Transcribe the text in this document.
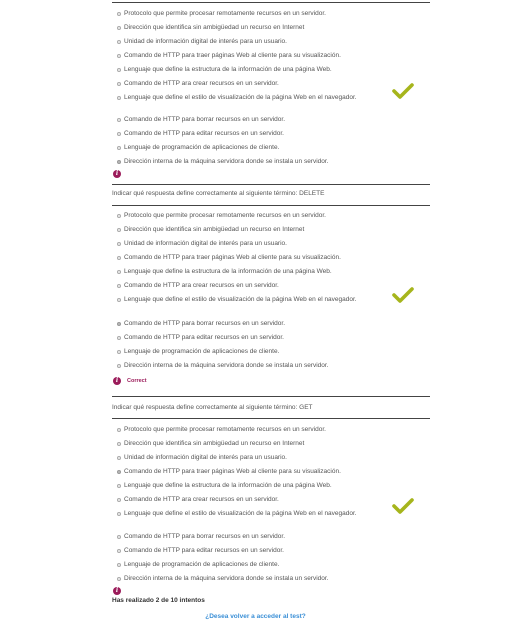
Protocolo que permite procesar remotamente recursos en un servidor.
Dirección que identifica sin ambigüedad un recurso en Internet
Unidad de información digital de interés para un usuario.
Comando de HTTP para traer páginas Web al cliente para su visualización.
Lenguaje que define la estructura de la información de una página Web.
Comando de HTTP ara crear recursos en un servidor.
Lenguaje que define el estilo de visualización de la página Web en el navegador.
Comando de HTTP para borrar recursos en un servidor.
Comando de HTTP para editar recursos en un servidor.
Lenguaje de programación de aplicaciones de cliente.
Dirección interna de la máquina servidora donde se instala un servidor.
i
Indicar qué respuesta define correctamente al siguiente término: DELETE
Protocolo que permite procesar remotamente recursos en un servidor.
Dirección que identifica sin ambigüedad un recurso en Internet
Unidad de información digital de interés para un usuario.
Comando de HTTP para traer páginas Web al cliente para su visualización.
Lenguaje que define la estructura de la información de una página Web.
Comando de HTTP ara crear recursos en un servidor.
Lenguaje que define el estilo de visualización de la página Web en el navegador.
Comando de HTTP para borrar recursos en un servidor.
Comando de HTTP para editar recursos en un servidor.
Lenguaje de programación de aplicaciones de cliente.
Dirección interna de la máquina servidora donde se instala un servidor.
i	Correct
Indicar qué respuesta define correctamente al siguiente término: GET
Protocolo que permite procesar remotamente recursos en un servidor.
Dirección que identifica sin ambigüedad un recurso en Internet
Unidad de información digital de interés para un usuario.
Comando de HTTP para traer páginas Web al cliente para su visualización.
Lenguaje que define la estructura de la información de una página Web.
Comando de HTTP ara crear recursos en un servidor.
Lenguaje que define el estilo de visualización de la página Web en el navegador.
Comando de HTTP para borrar recursos en un servidor.
Comando de HTTP para editar recursos en un servidor.
Lenguaje de programación de aplicaciones de cliente.
Dirección interna de la máquina servidora donde se instala un servidor.
i
Has realizado 2 de 10 intentos
¿Desea volver a acceder al test?
